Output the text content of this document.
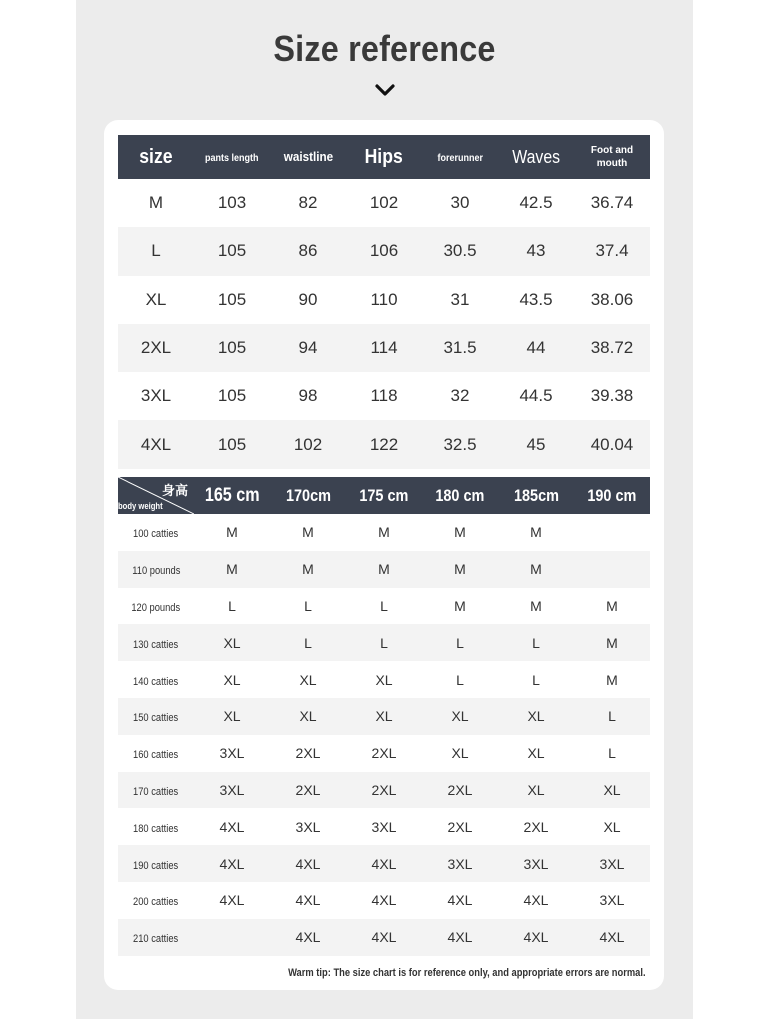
Size reference
size	pants length	waistline	Hips	forerunner	Waves	Foot and mouth
M	103	82	102	30	42.5	36.74
L	105	86	106	30.5	43	37.4
XL	105	90	110	31	43.5	38.06
2XL	105	94	114	31.5	44	38.72
3XL	105	98	118	32	44.5	39.38
4XL	105	102	122	32.5	45	40.04
身高
body weight	165 cm	170cm	175 cm	180 cm	185cm	190 cm
100 catties	M	M	M	M	M	
110 pounds	M	M	M	M	M	
120 pounds	L	L	L	M	M	M
130 catties	XL	L	L	L	L	M
140 catties	XL	XL	XL	L	L	M
150 catties	XL	XL	XL	XL	XL	L
160 catties	3XL	2XL	2XL	XL	XL	L
170 catties	3XL	2XL	2XL	2XL	XL	XL
180 catties	4XL	3XL	3XL	2XL	2XL	XL
190 catties	4XL	4XL	4XL	3XL	3XL	3XL
200 catties	4XL	4XL	4XL	4XL	4XL	3XL
210 catties		4XL	4XL	4XL	4XL	4XL
Warm tip: The size chart is for reference only, and appropriate errors are normal.
